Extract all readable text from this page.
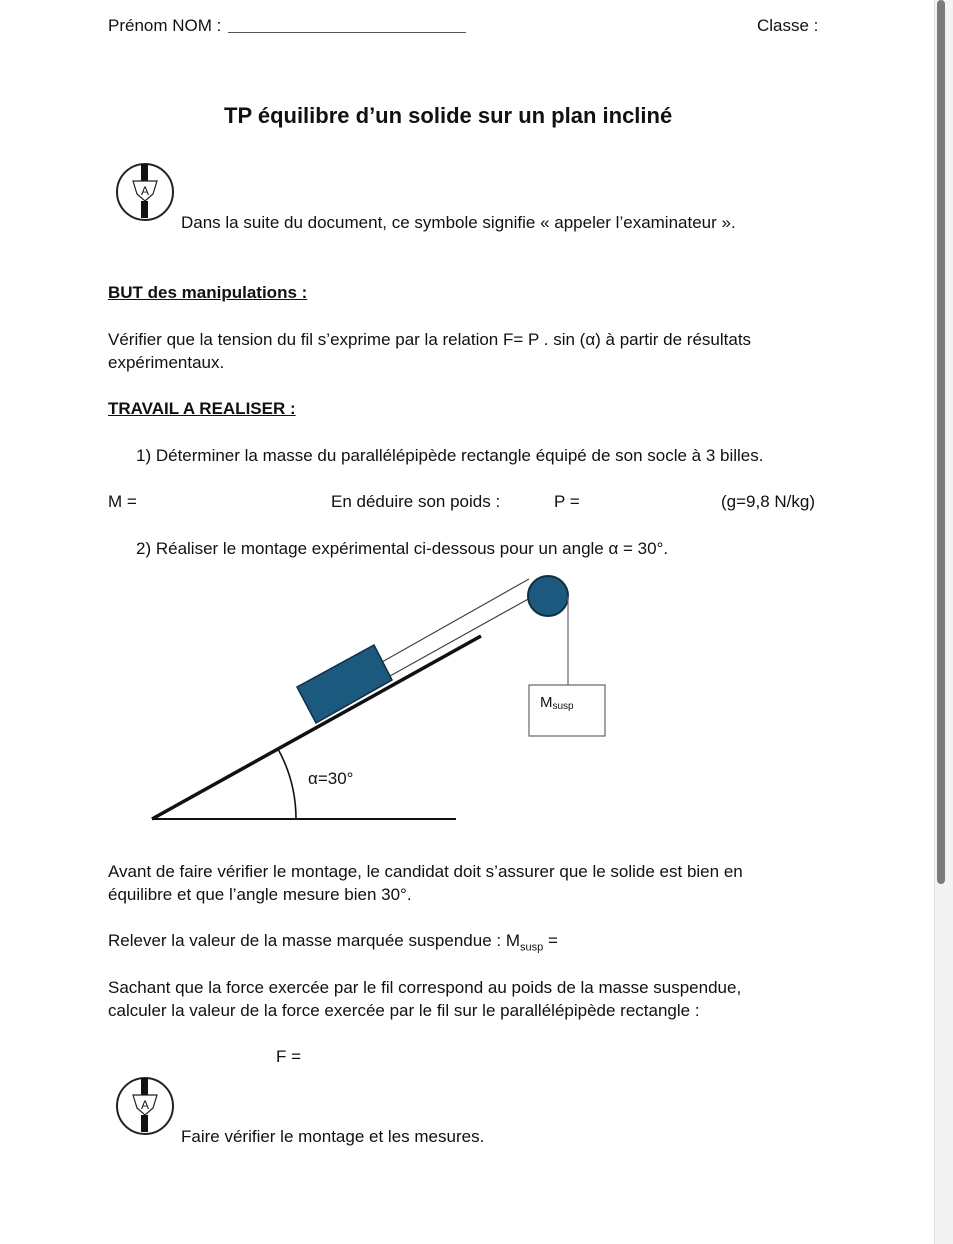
Prénom NOM :	Classe :
TP équilibre d’un solide sur un plan incliné
A
Dans la suite du document, ce symbole signifie « appeler l’examinateur ».
BUT des manipulations :
Vérifier que la tension du fil s’exprime par la relation F= P . sin (α) à partir de résultats
expérimentaux.
TRAVAIL A REALISER :
1) Déterminer la masse du parallélépipède rectangle équipé de son socle à 3 billes.
M =	En déduire son poids :	P =	(g=9,8 N/kg)
2) Réaliser le montage expérimental ci-dessous pour un angle α = 30°.
α=30°
Msusp
Avant de faire vérifier le montage, le candidat doit s’assurer que le solide est bien en
équilibre et que l’angle mesure bien 30°.
Relever la valeur de la masse marquée suspendue : $M_{susp}$ =
Sachant que la force exercée par le fil correspond au poids de la masse suspendue,
calculer la valeur de la force exercée par le fil sur le parallélépipède rectangle :
F =
A
Faire vérifier le montage et les mesures.
